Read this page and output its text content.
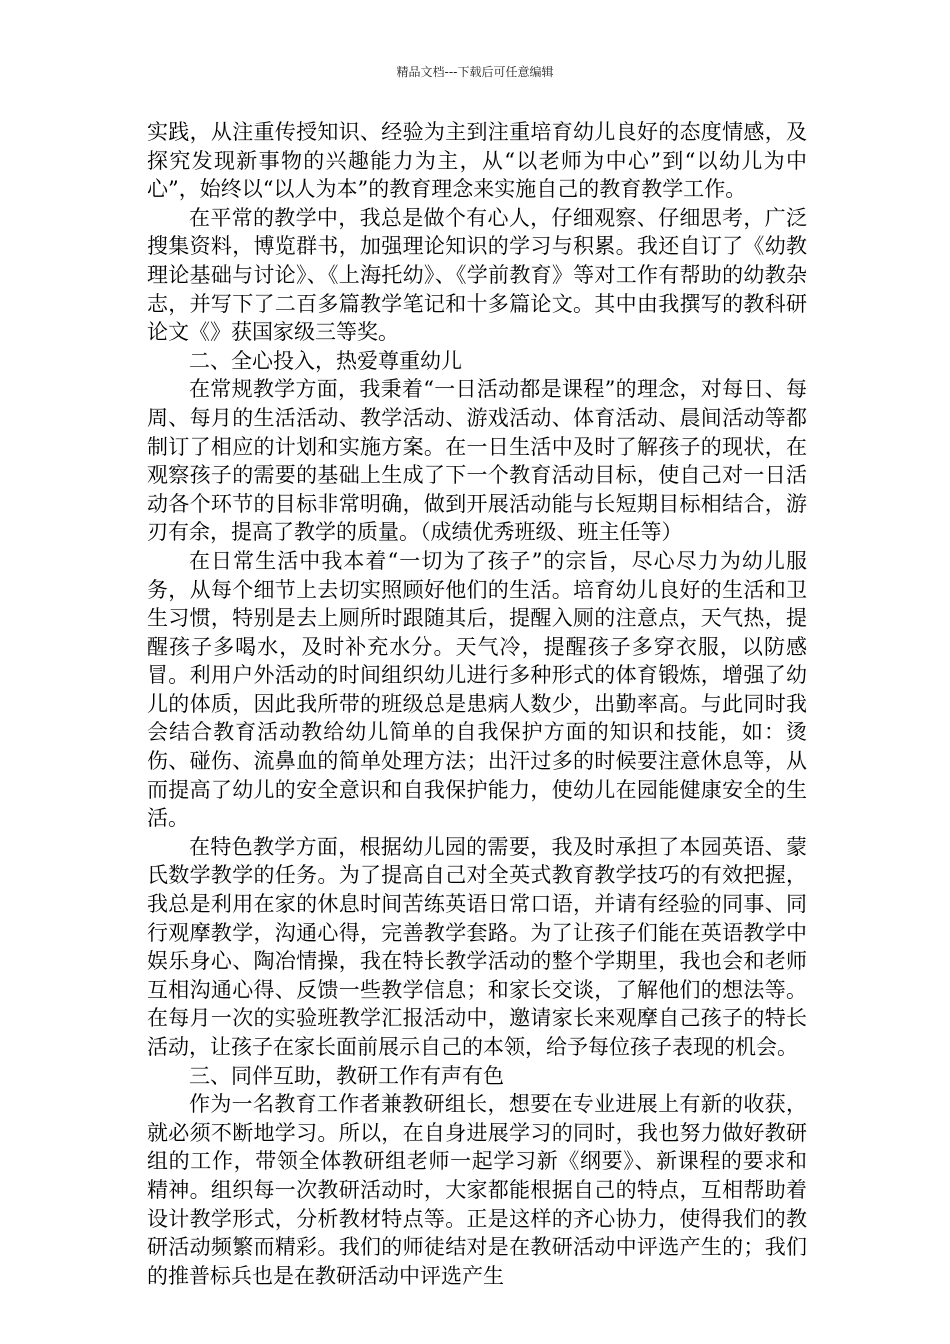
精品文档---下载后可任意编辑

实践，从注重传授知识、经验为主到注重培育幼儿良好的态度情感，及探究发现新事物的兴趣能力为主，从“以老师为中心”到“以幼儿为中心”，始终以“以人为本”的教育理念来实施自己的教育教学工作。

在平常的教学中，我总是做个有心人，仔细观察、仔细思考，广泛搜集资料，博览群书，加强理论知识的学习与积累。我还自订了《幼教理论基础与讨论》、《上海托幼》、《学前教育》等对工作有帮助的幼教杂志，并写下了二百多篇教学笔记和十多篇论文。其中由我撰写的教科研论文《》获国家级三等奖。

二、全心投入，热爱尊重幼儿

在常规教学方面，我秉着“一日活动都是课程”的理念，对每日、每周、每月的生活活动、教学活动、游戏活动、体育活动、晨间活动等都制订了相应的计划和实施方案。在一日生活中及时了解孩子的现状，在观察孩子的需要的基础上生成了下一个教育活动目标，使自己对一日活动各个环节的目标非常明确，做到开展活动能与长短期目标相结合，游刃有余，提高了教学的质量。（成绩优秀班级、班主任等）

在日常生活中我本着“一切为了孩子”的宗旨，尽心尽力为幼儿服务，从每个细节上去切实照顾好他们的生活。培育幼儿良好的生活和卫生习惯，特别是去上厕所时跟随其后，提醒入厕的注意点，天气热，提醒孩子多喝水，及时补充水分。天气冷，提醒孩子多穿衣服，以防感冒。利用户外活动的时间组织幼儿进行多种形式的体育锻炼，增强了幼儿的体质，因此我所带的班级总是患病人数少，出勤率高。与此同时我会结合教育活动教给幼儿简单的自我保护方面的知识和技能，如：烫伤、碰伤、流鼻血的简单处理方法；出汗过多的时候要注意休息等，从而提高了幼儿的安全意识和自我保护能力，使幼儿在园能健康安全的生活。

在特色教学方面，根据幼儿园的需要，我及时承担了本园英语、蒙氏数学教学的任务。为了提高自己对全英式教育教学技巧的有效把握，我总是利用在家的休息时间苦练英语日常口语，并请有经验的同事、同行观摩教学，沟通心得，完善教学套路。为了让孩子们能在英语教学中娱乐身心、陶冶情操，我在特长教学活动的整个学期里，我也会和老师互相沟通心得、反馈一些教学信息；和家长交谈，了解他们的想法等。在每月一次的实验班教学汇报活动中，邀请家长来观摩自己孩子的特长活动，让孩子在家长面前展示自己的本领，给予每位孩子表现的机会。

三、同伴互助，教研工作有声有色

作为一名教育工作者兼教研组长，想要在专业进展上有新的收获，就必须不断地学习。所以，在自身进展学习的同时，我也努力做好教研组的工作，带领全体教研组老师一起学习新《纲要》、新课程的要求和精神。组织每一次教研活动时，大家都能根据自己的特点，互相帮助着设计教学形式，分析教材特点等。正是这样的齐心协力，使得我们的教研活动频繁而精彩。我们的师徒结对是在教研活动中评选产生的；我们的推普标兵也是在教研活动中评选产生
